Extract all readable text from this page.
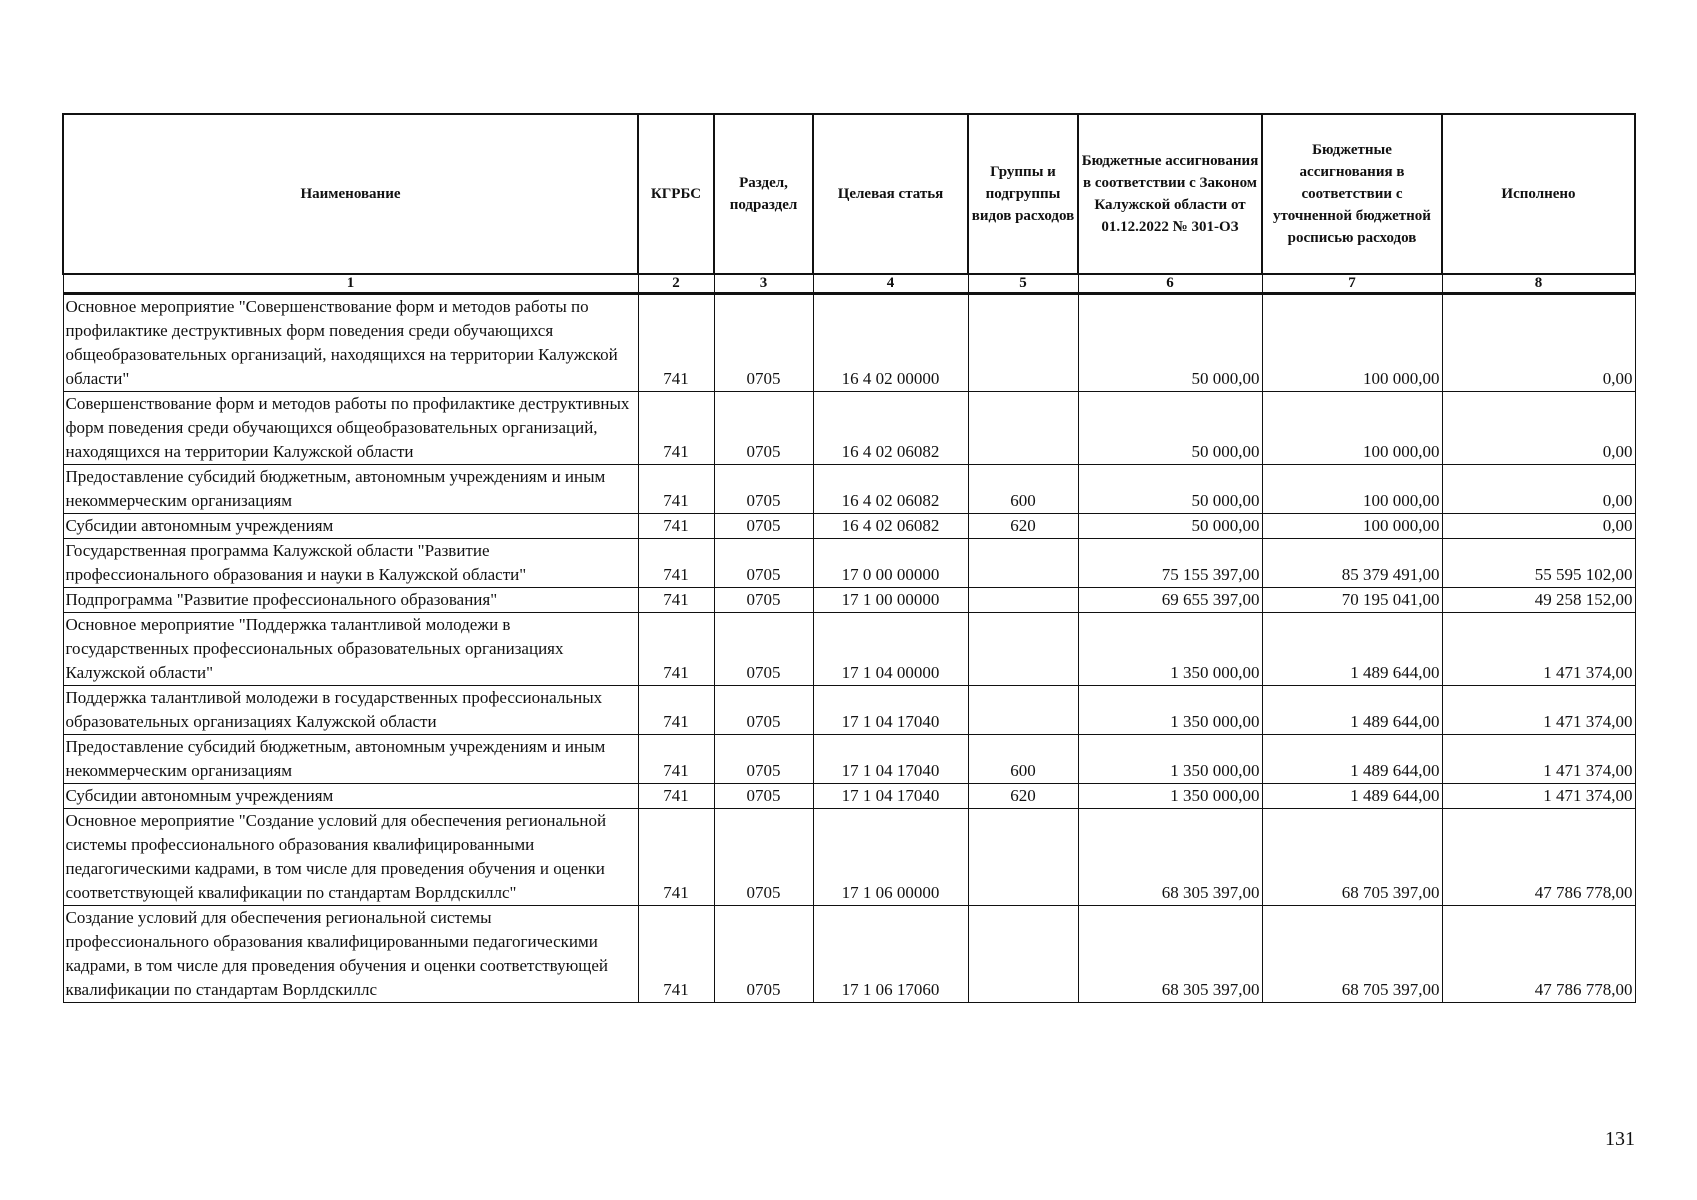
Наименование	КГРБС	Раздел, подраздел	Целевая статья	Группы и подгруппы видов расходов	Бюджетные ассигнования в соответствии с Законом Калужской области от 01.12.2022 № 301-ОЗ	Бюджетные ассигнования в соответствии с уточненной бюджетной росписью расходов	Исполнено
1	2	3	4	5	6	7	8
Основное мероприятие "Совершенствование форм и методов работы по профилактике деструктивных форм поведения среди обучающихся общеобразовательных организаций, находящихся на территории Калужской области"	741	0705	16 4 02 00000		50 000,00	100 000,00	0,00
Совершенствование форм и методов работы по профилактике деструктивных форм поведения среди обучающихся общеобразовательных организаций, находящихся на территории Калужской области	741	0705	16 4 02 06082		50 000,00	100 000,00	0,00
Предоставление субсидий бюджетным, автономным учреждениям и иным некоммерческим организациям	741	0705	16 4 02 06082	600	50 000,00	100 000,00	0,00
Субсидии автономным учреждениям	741	0705	16 4 02 06082	620	50 000,00	100 000,00	0,00
Государственная программа Калужской области "Развитие профессионального образования и науки в Калужской области"	741	0705	17 0 00 00000		75 155 397,00	85 379 491,00	55 595 102,00
Подпрограмма "Развитие профессионального образования"	741	0705	17 1 00 00000		69 655 397,00	70 195 041,00	49 258 152,00
Основное мероприятие "Поддержка талантливой молодежи в государственных профессиональных образовательных организациях Калужской области"	741	0705	17 1 04 00000		1 350 000,00	1 489 644,00	1 471 374,00
Поддержка талантливой молодежи в государственных профессиональных образовательных организациях Калужской области	741	0705	17 1 04 17040		1 350 000,00	1 489 644,00	1 471 374,00
Предоставление субсидий бюджетным, автономным учреждениям и иным некоммерческим организациям	741	0705	17 1 04 17040	600	1 350 000,00	1 489 644,00	1 471 374,00
Субсидии автономным учреждениям	741	0705	17 1 04 17040	620	1 350 000,00	1 489 644,00	1 471 374,00
Основное мероприятие "Создание условий для обеспечения региональной системы профессионального образования квалифицированными педагогическими кадрами, в том числе для проведения обучения и оценки соответствующей квалификации по стандартам Ворлдскиллс"	741	0705	17 1 06 00000		68 305 397,00	68 705 397,00	47 786 778,00
Создание условий для обеспечения региональной системы профессионального образования квалифицированными педагогическими кадрами, в том числе для проведения обучения и оценки соответствующей квалификации по стандартам Ворлдскиллс	741	0705	17 1 06 17060		68 305 397,00	68 705 397,00	47 786 778,00
131
